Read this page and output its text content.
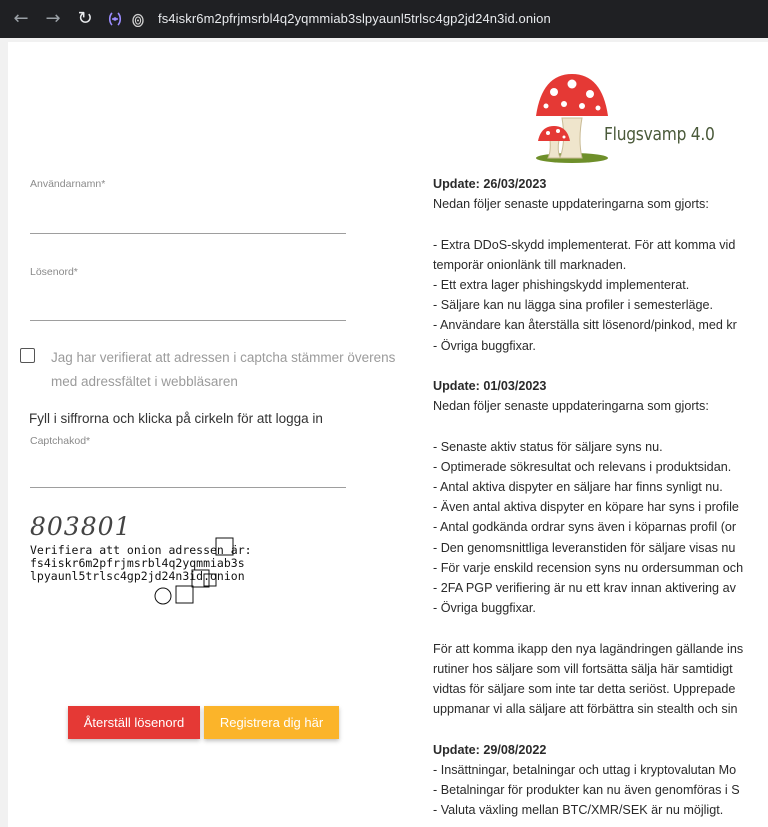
← → ↻	fs4iskr6m2pfrjmsrbl4q2yqmmiab3slpyaunl5trlsc4gp2jd24n3id.onion
Användarnamn*
Lösenord*
Jag har verifierat att adressen i captcha stämmer överens med adressfältet i webbläsaren
Fyll i siffrorna och klicka på cirkeln för att logga in
Captchakod*
803801
Verifiera att onion adressen är:
fs4iskr6m2pfrjmsrbl4q2yqmmiab3s
lpyaunl5trlsc4gp2jd24n3id.onion
Återställ lösenord	Registrera dig här
Flugsvamp 4.0
Update: 26/03/2023
Nedan följer senaste uppdateringarna som gjorts:
- Extra DDoS-skydd implementerat. För att komma vid
temporär onionlänk till marknaden.
- Ett extra lager phishingskydd implementerat.
- Säljare kan nu lägga sina profiler i semesterläge.
- Användare kan återställa sitt lösenord/pinkod, med kr
- Övriga buggfixar.
Update: 01/03/2023
Nedan följer senaste uppdateringarna som gjorts:
- Senaste aktiv status för säljare syns nu.
- Optimerade sökresultat och relevans i produktsidan.
- Antal aktiva dispyter en säljare har finns synligt nu.
- Även antal aktiva dispyter en köpare har syns i profile
- Antal godkända ordrar syns även i köparnas profil (or
- Den genomsnittliga leveranstiden för säljare visas nu
- För varje enskild recension syns nu ordersumman och
- 2FA PGP verifiering är nu ett krav innan aktivering av
- Övriga buggfixar.
För att komma ikapp den nya lagändringen gällande ins
rutiner hos säljare som vill fortsätta sälja här samtidigt
vidtas för säljare som inte tar detta seriöst. Upprepade
uppmanar vi alla säljare att förbättra sin stealth och sin
Update: 29/08/2022
- Insättningar, betalningar och uttag i kryptovalutan Mo
- Betalningar för produkter kan nu även genomföras i S
- Valuta växling mellan BTC/XMR/SEK är nu möjligt.
